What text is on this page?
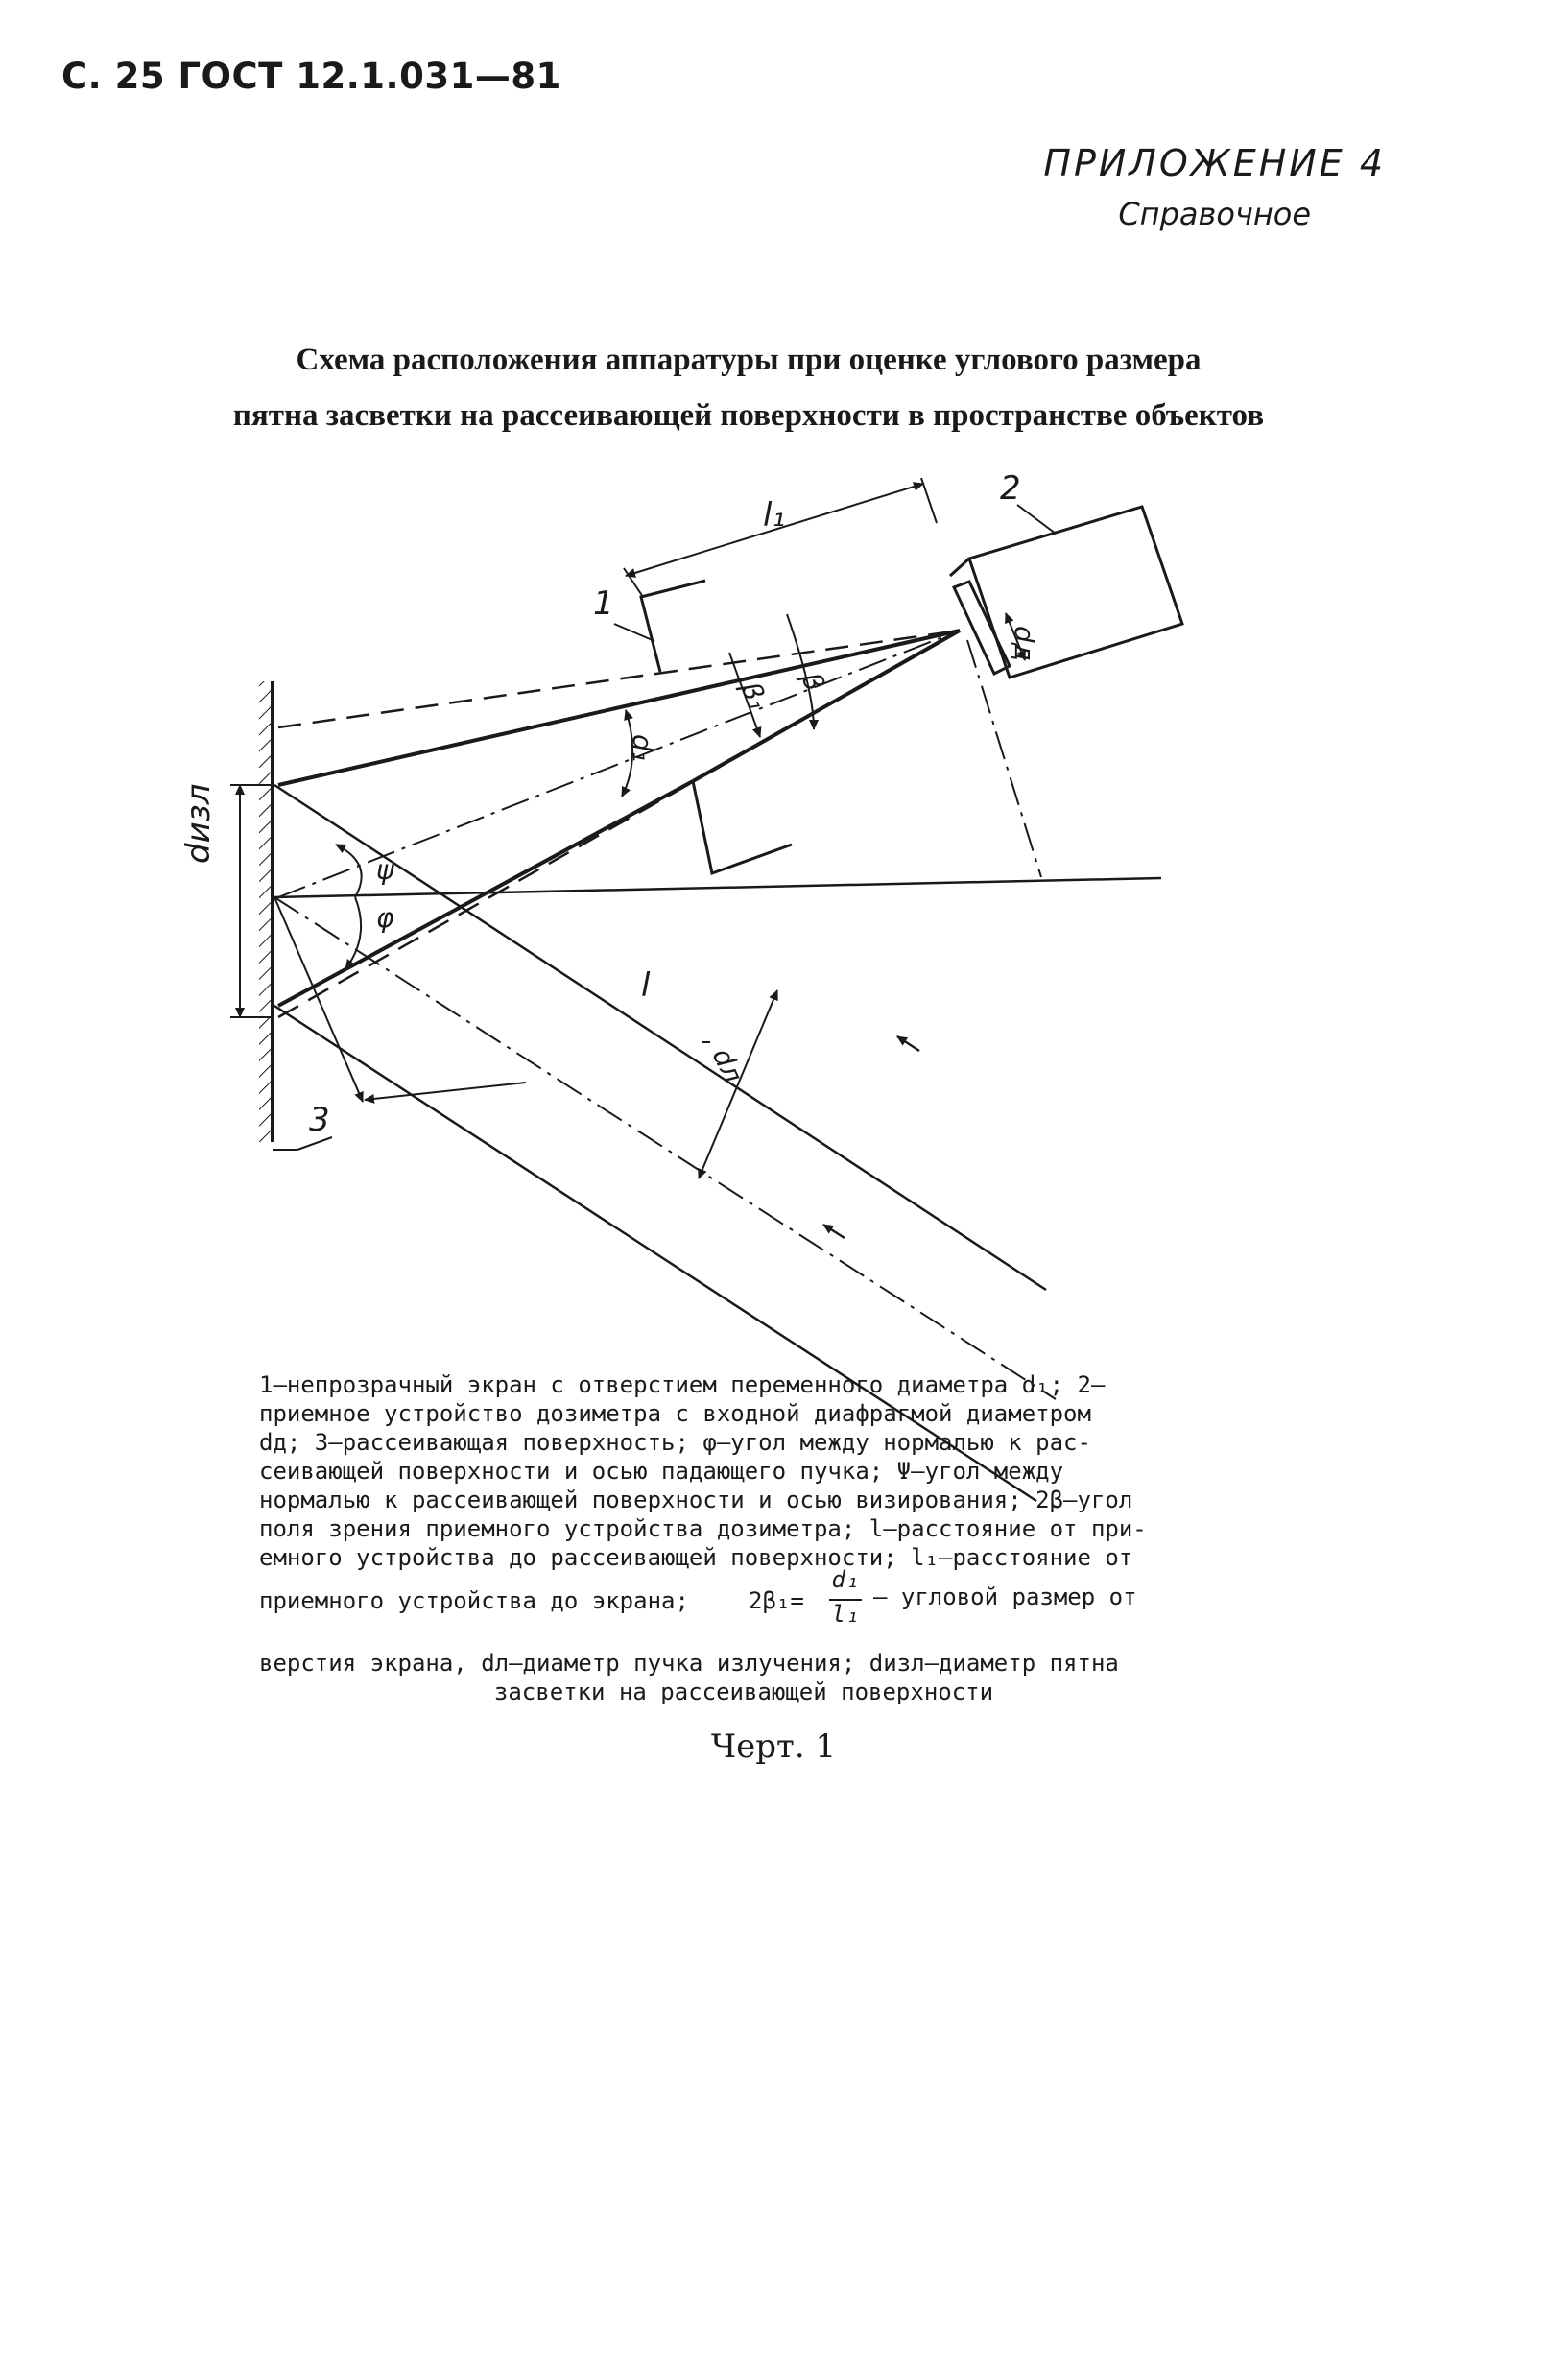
С. 25 ГОСТ 12.1.031—81
ПРИЛОЖЕНИЕ 4
Справочное
Схема расположения аппаратуры при оценке углового размера
пятна засветки на рассеивающей поверхности в пространстве объектов
l₁
1
2
3
dд
d₁
β₁ β
ψ
φ
l
dизл
dл
1—непрозрачный экран с отверстием переменного диаметра d₁; 2—
приемное устройство дозиметра с входной диафрагмой диаметром
dд; 3—рассеивающая поверхность; φ—угол между нормалью к рас-
сеивающей поверхности и осью падающего пучка; Ψ—угол между
нормалью к рассеивающей поверхности и осью визирования; 2β—угол
поля зрения приемного устройства дозиметра; l—расстояние от при-
емного устройства до рассеивающей поверхности; l₁—расстояние от
приемного устройства до экрана;	2β₁=
d₁
l₁
— угловой размер от
верстия экрана, dл—диаметр пучка излучения; dизл—диаметр пятна
засветки на рассеивающей поверхности
Черт. 1
